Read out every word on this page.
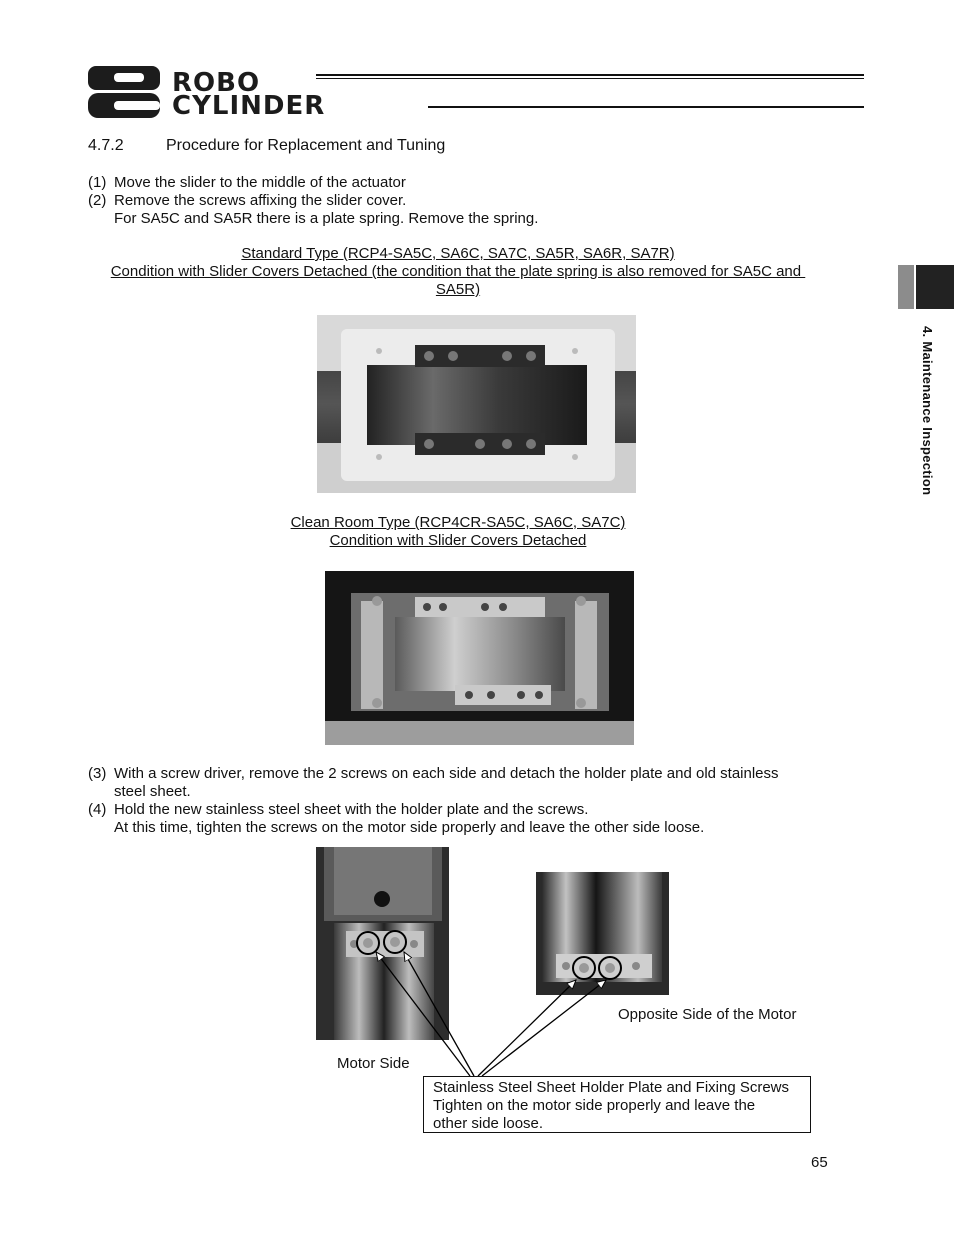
ROBO
CYLINDER
4. Maintenance Inspection
4.7.2	Procedure for Replacement and Tuning
(1) Move the slider to the middle of the actuator
(2) Remove the screws affixing the slider cover.
For SA5C and SA5R there is a plate spring. Remove the spring.
Standard Type (RCP4-SA5C, SA6C, SA7C, SA5R, SA6R, SA7R)
Condition with Slider Covers Detached (the condition that the plate spring is also removed for SA5C and
SA5R)
Clean Room Type (RCP4CR-SA5C, SA6C, SA7C)
Condition with Slider Covers Detached
(3) With a screw driver, remove the 2 screws on each side and detach the holder plate and old stainless
steel sheet.
(4) Hold the new stainless steel sheet with the holder plate and the screws.
At this time, tighten the screws on the motor side properly and leave the other side loose.
Opposite Side of the Motor
Motor Side
Stainless Steel Sheet Holder Plate and Fixing Screws
Tighten on the motor side properly and leave the
other side loose.
65
